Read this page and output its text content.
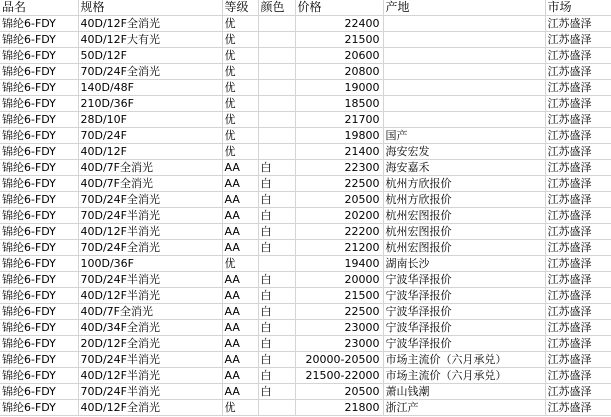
品名	规格	等级	颜色	价格	产地	市场
锦纶6-FDY	40D/12F全消光	优		22400		江苏盛泽
锦纶6-FDY	40D/12F大有光	优		21500		江苏盛泽
锦纶6-FDY	50D/12F	优		20600		江苏盛泽
锦纶6-FDY	70D/24F全消光	优		20800		江苏盛泽
锦纶6-FDY	140D/48F	优		19000		江苏盛泽
锦纶6-FDY	210D/36F	优		18500		江苏盛泽
锦纶6-FDY	28D/10F	优		21700		江苏盛泽
锦纶6-FDY	70D/24F	优		19800	国产	江苏盛泽
锦纶6-FDY	40D/12F	优		21400	海安宏发	江苏盛泽
锦纶6-FDY	40D/7F全消光	AA	白	22300	海安嘉禾	江苏盛泽
锦纶6-FDY	40D/7F全消光	AA	白	22500	杭州方欣报价	江苏盛泽
锦纶6-FDY	70D/24F全消光	AA	白	20500	杭州方欣报价	江苏盛泽
锦纶6-FDY	70D/24F半消光	AA	白	20200	杭州宏图报价	江苏盛泽
锦纶6-FDY	40D/12F半消光	AA	白	22200	杭州宏图报价	江苏盛泽
锦纶6-FDY	70D/24F全消光	AA	白	21200	杭州宏图报价	江苏盛泽
锦纶6-FDY	100D/36F	优		19400	湖南长沙	江苏盛泽
锦纶6-FDY	70D/24F半消光	AA	白	20000	宁波华泽报价	江苏盛泽
锦纶6-FDY	40D/12F半消光	AA	白	21500	宁波华泽报价	江苏盛泽
锦纶6-FDY	40D/7F全消光	AA	白	22500	宁波华泽报价	江苏盛泽
锦纶6-FDY	40D/34F全消光	AA	白	23000	宁波华泽报价	江苏盛泽
锦纶6-FDY	20D/12F全消光	AA	白	23000	宁波华泽报价	江苏盛泽
锦纶6-FDY	70D/24F半消光	AA	白	20000-20500	市场主流价（六月承兑）	江苏盛泽
锦纶6-FDY	40D/12F半消光	AA	白	21500-22000	市场主流价（六月承兑）	江苏盛泽
锦纶6-FDY	70D/24F半消光	AA	白	20500	萧山钱潮	江苏盛泽
锦纶6-FDY	40D/12F全消光	优		21800	浙江产	江苏盛泽
